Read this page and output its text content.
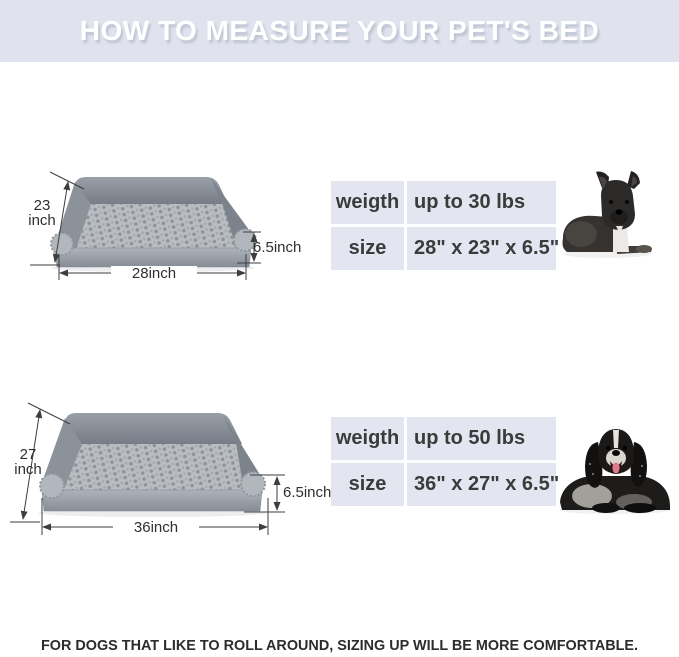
HOW TO MEASURE YOUR PET'S BED
23
inch
28inch
6.5inch
weigth up to 30 lbs
size	28" x 23" x 6.5"
27
inch
36inch
6.5inch
weigth up to 50 lbs
size	36" x 27" x 6.5"
FOR DOGS THAT LIKE TO ROLL AROUND, SIZING UP WILL BE MORE COMFORTABLE.
